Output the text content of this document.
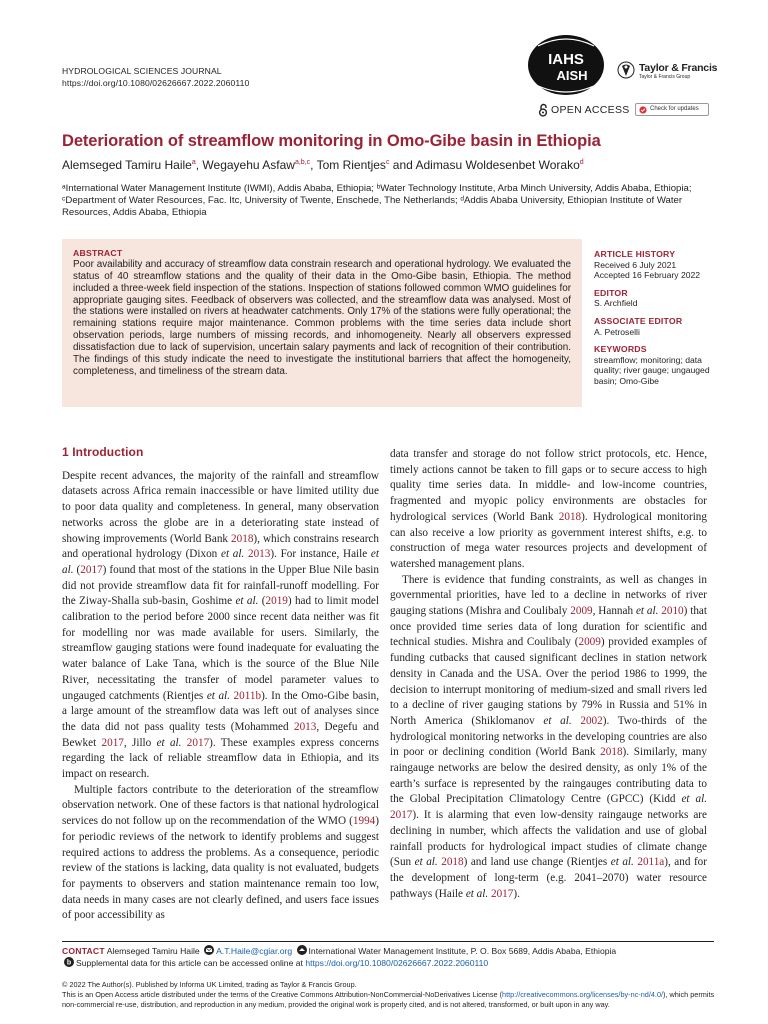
HYDROLOGICAL SCIENCES JOURNAL
https://doi.org/10.1080/02626667.2022.2060110
IAHS
AISH	Taylor & Francis
Taylor & Francis Group
OPEN ACCESS	Check for updates
Deterioration of streamflow monitoring in Omo-Gibe basin in Ethiopia
Alemseged Tamiru Haile$^a$, Wegayehu Asfaw$^{a,b,c}$, Tom Rientjes$^c$ and Adimasu Woldesenbet Worako$^d$
ᵃInternational Water Management Institute (IWMI), Addis Ababa, Ethiopia; ᵇWater Technology Institute, Arba Minch University, Addis Ababa, Ethiopia; ᶜDepartment of Water Resources, Fac. Itc, University of Twente, Enschede, The Netherlands; ᵈAddis Ababa University, Ethiopian Institute of Water Resources, Addis Ababa, Ethiopia
ABSTRACT
Poor availability and accuracy of streamflow data constrain research and operational hydrology. We evaluated the status of 40 streamflow stations and the quality of their data in the Omo-Gibe basin, Ethiopia. The method included a three-week field inspection of the stations. Inspection of stations followed common WMO guidelines for appropriate gauging sites. Feedback of observers was collected, and the streamflow data was analysed. Most of the stations were installed on rivers at headwater catchments. Only 17% of the stations were fully operational; the remaining stations require major maintenance. Common problems with the time series data include short observation periods, large numbers of missing records, and inhomogeneity. Nearly all observers expressed dissatisfaction due to lack of supervision, uncertain salary payments and lack of recognition of their contribution. The findings of this study indicate the need to investigate the institutional barriers that affect the homogeneity, completeness, and timeliness of the stream data.
ARTICLE HISTORY
Received 6 July 2021
Accepted 16 February 2022
EDITOR
S. Archfield
ASSOCIATE EDITOR
A. Petroselli
KEYWORDS
streamflow; monitoring; data quality; river gauge; ungauged basin; Omo-Gibe
1 Introduction

Despite recent advances, the majority of the rainfall and streamflow datasets across Africa remain inaccessible or have limited utility due to poor data quality and completeness. In general, many observation networks across the globe are in a deteriorating state instead of showing improvements (World Bank 2018), which constrains research and operational hydrology (Dixon et al. 2013). For instance, Haile et al. (2017) found that most of the stations in the Upper Blue Nile basin did not provide streamflow data fit for rainfall-runoff modelling. For the Ziway-Shalla sub-basin, Goshime et al. (2019) had to limit model calibration to the period before 2000 since recent data neither was fit for modelling nor was made available for users. Similarly, the streamflow gauging stations were found inadequate for evaluating the water balance of Lake Tana, which is the source of the Blue Nile River, necessitating the transfer of model parameter values to ungauged catchments (Rientjes et al. 2011b). In the Omo-Gibe basin, a large amount of the streamflow data was left out of analyses since the data did not pass quality tests (Mohammed 2013, Degefu and Bewket 2017, Jillo et al. 2017). These examples express concerns regarding the lack of reliable streamflow data in Ethiopia, and its impact on research.

Multiple factors contribute to the deterioration of the streamflow observation network. One of these factors is that national hydrological services do not follow up on the recommendation of the WMO (1994) for periodic reviews of the network to identify problems and suggest required actions to address the problems. As a consequence, periodic review of the stations is lacking, data quality is not evaluated, budgets for payments to observers and station maintenance remain too low, data needs in many cases are not clearly defined, and users face issues of poor accessibility as

data transfer and storage do not follow strict protocols, etc. Hence, timely actions cannot be taken to fill gaps or to secure access to high quality time series data. In middle- and low-income countries, fragmented and myopic policy environments are obstacles for hydrological services (World Bank 2018). Hydrological monitoring can also receive a low priority as government interest shifts, e.g. to construction of mega water resources projects and development of watershed management plans.

There is evidence that funding constraints, as well as changes in governmental priorities, have led to a decline in networks of river gauging stations (Mishra and Coulibaly 2009, Hannah et al. 2010) that once provided time series data of long duration for scientific and technical studies. Mishra and Coulibaly (2009) provided examples of funding cutbacks that caused significant declines in station network density in Canada and the USA. Over the period 1986 to 1999, the decision to interrupt monitoring of medium-sized and small rivers led to a decline of river gauging stations by 79% in Russia and 51% in North America (Shiklomanov et al. 2002). Two-thirds of the hydrological monitoring networks in the developing countries are also in poor or declining condition (World Bank 2018). Similarly, many raingauge networks are below the desired density, as only 1% of the earth’s surface is represented by the raingauges contributing data to the Global Precipitation Climatology Centre (GPCC) (Kidd et al. 2017). It is alarming that even low-density raingauge networks are declining in number, which affects the validation and use of global rainfall products for hydrological impact studies of climate change (Sun et al. 2018) and land use change (Rientjes et al. 2011a), and for the development of long-term (e.g. 2041–2070) water resource pathways (Haile et al. 2017).

CONTACT Alemseged Tamiru Haile A.T.Haile@cgiar.org International Water Management Institute, P. O. Box 5689, Addis Ababa, Ethiopia
b Supplemental data for this article can be accessed online at https://doi.org/10.1080/02626667.2022.2060110
© 2022 The Author(s). Published by Informa UK Limited, trading as Taylor & Francis Group.
This is an Open Access article distributed under the terms of the Creative Commons Attribution-NonCommercial-NoDerivatives License (http://creativecommons.org/licenses/by-nc-nd/4.0/), which permits non-commercial re-use, distribution, and reproduction in any medium, provided the original work is properly cited, and is not altered, transformed, or built upon in any way.
